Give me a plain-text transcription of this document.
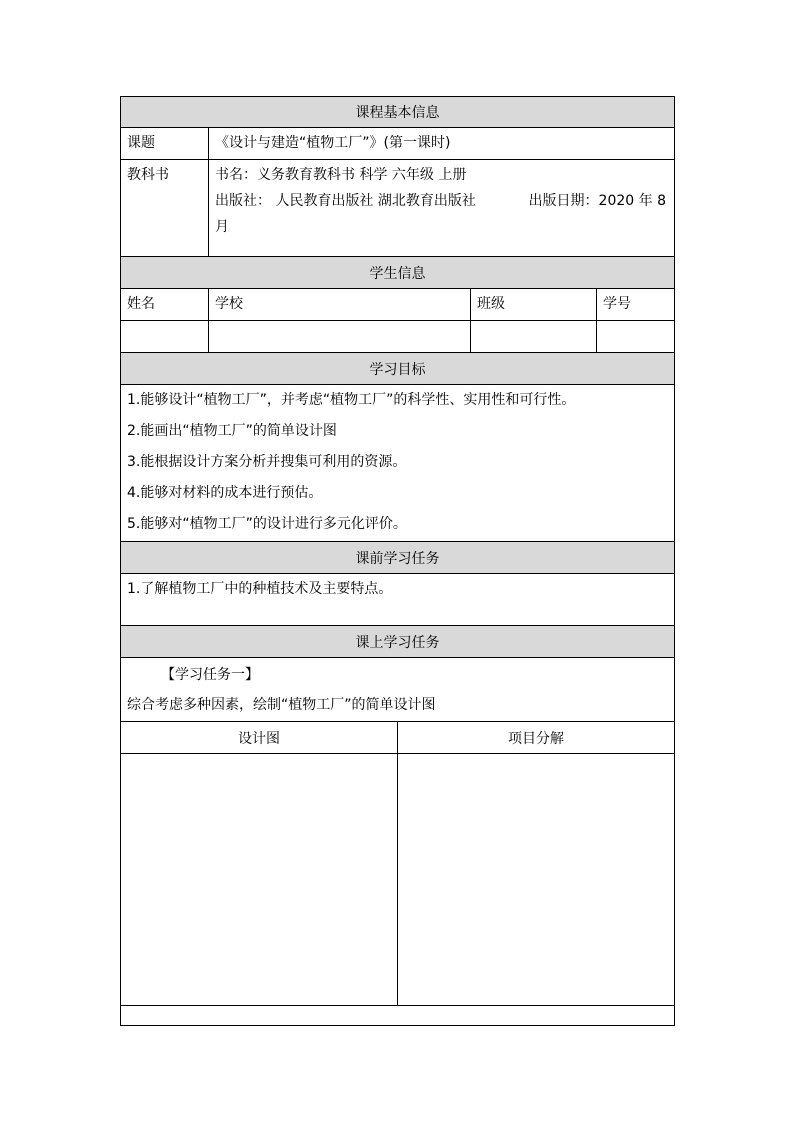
课程基本信息
课题	《设计与建造“植物工厂”》(第一课时)
教科书	书名：义务教育教科书 科学 六年级 上册
出版社： 人民教育出版社 湖北教育出版社	出版日期：2020 年 8
月
学生信息
姓名	学校	班级	学号
学习目标
1.能够设计“植物工厂”，并考虑“植物工厂”的科学性、实用性和可行性。
2.能画出“植物工厂”的简单设计图
3.能根据设计方案分析并搜集可利用的资源。
4.能够对材料的成本进行预估。
5.能够对“植物工厂”的设计进行多元化评价。
课前学习任务
1.了解植物工厂中的种植技术及主要特点。
课上学习任务
【学习任务一】
综合考虑多种因素，绘制“植物工厂”的简单设计图
设计图	项目分解
